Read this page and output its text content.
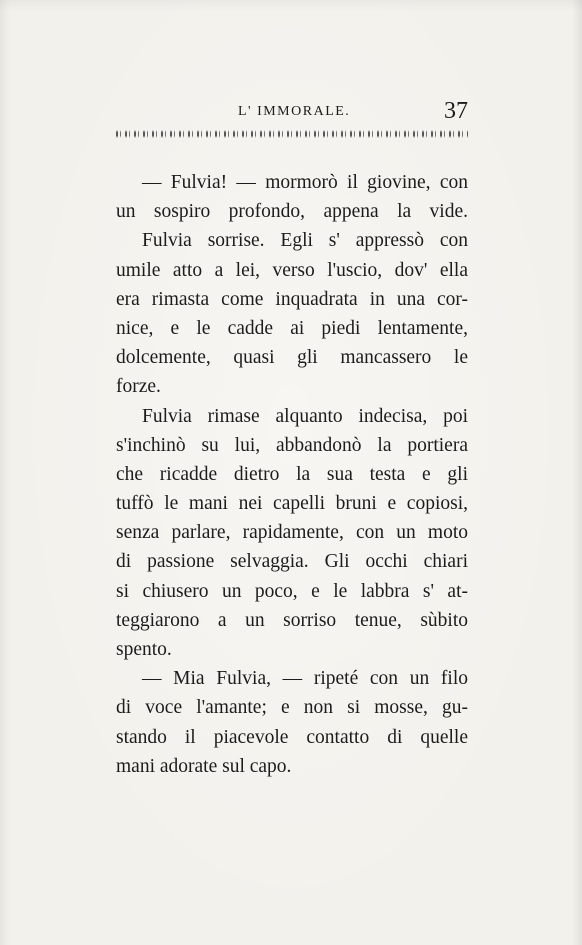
L' IMMORALE.	37
— Fulvia! — mormorò il giovine, con
un sospiro profondo, appena la vide.
Fulvia sorrise. Egli s' appressò con
umile atto a lei, verso l'uscio, dov' ella
era rimasta come inquadrata in una cor-
nice, e le cadde ai piedi lentamente,
dolcemente, quasi gli mancassero le
forze.
Fulvia rimase alquanto indecisa, poi
s'inchinò su lui, abbandonò la portiera
che ricadde dietro la sua testa e gli
tuffò le mani nei capelli bruni e copiosi,
senza parlare, rapidamente, con un moto
di passione selvaggia. Gli occhi chiari
si chiusero un poco, e le labbra s' at-
teggiarono a un sorriso tenue, sùbito
spento.
— Mia Fulvia, — ripeté con un filo
di voce l'amante; e non si mosse, gu-
stando il piacevole contatto di quelle
mani adorate sul capo.
